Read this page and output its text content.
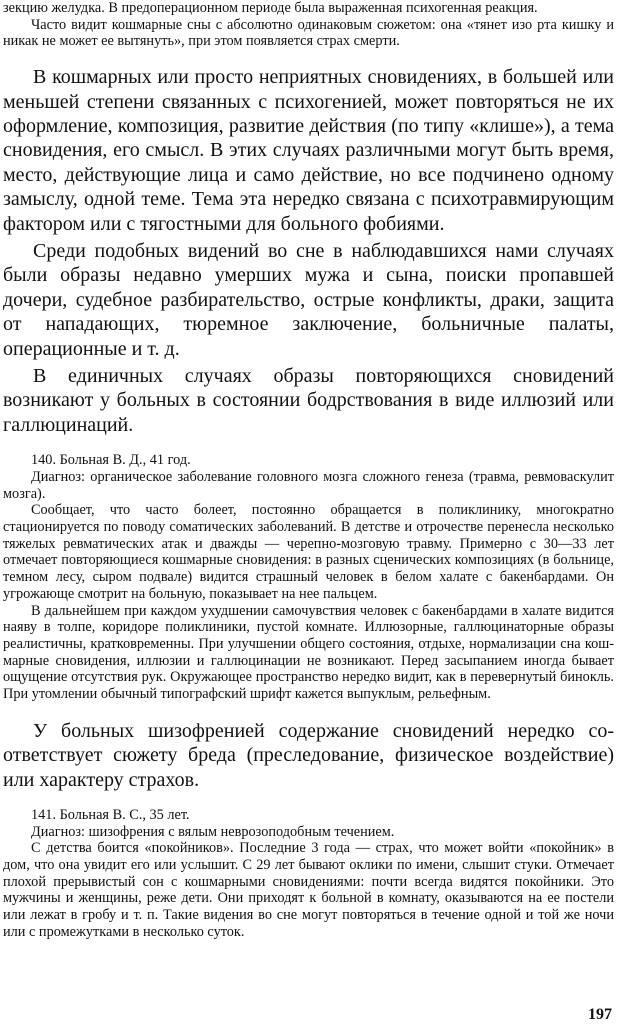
зекцию желудка. В предоперационном периоде была выраженная психогенная реакция.

Часто видит кошмарные сны с абсолютно одинаковым сюжетом: она «тянет изо рта кишку и никак не может ее вытянуть», при этом появляется страх смерти.

В кошмарных или просто неприятных сновидениях, в большей или меньшей степени связанных с психогенией, может повторяться не их оформление, композиция, развитие действия (по типу «клише»), а тема сновидения, его смысл. В этих случаях различными могут быть время, место, действующие лица и само действие, но все подчинено одному замыслу, одной теме. Тема эта нередко связана с психотравмирующим фактором или с тягостными для больного фобиями.

Среди подобных видений во сне в наблюдавшихся нами случаях были образы недавно умерших мужа и сына, поиски пропавшей дочери, судебное разбирательство, острые конфликты, драки, защита от нападающих, тюремное заключение, больничные палаты, операционные и т. д.

В единичных случаях образы повторяющихся сновидений возникают у больных в состоянии бодрствования в виде иллюзий или галлюцинаций.

140. Больная В. Д., 41 год.

Диагноз: органическое заболевание головного мозга сложного генеза (травма, ревмоваскулит мозга).

Сообщает, что часто болеет, постоянно обращается в поликлинику, многократно стационируется по поводу соматических заболеваний. В детстве и отрочестве перенесла несколько тяжелых ревматических атак и дважды — черепно-мозговую травму. Примерно с 30—33 лет отмечает повторяющиеся кошмарные сновидения: в разных сценических композициях (в больнице, темном лесу, сыром подвале) видится страшный человек в белом халате с бакенбардами. Он угрожающе смотрит на больную, показывает на нее пальцем.

В дальнейшем при каждом ухудшении самочувствия человек с бакенбардами в халате видится наяву в толпе, коридоре поликлиники, пустой комнате. Иллюзорные, галлюцинаторные образы реалистичны, кратковременны. При улучшении общего состояния, отдыхе, нормализации сна кошмарные сновидения, иллюзии и галлюцинации не возникают. Перед засыпанием иногда бывает ощущение отсутствия рук. Окружающее пространство нередко видит, как в перевернутый бинокль. При утомлении обычный типографский шрифт кажется выпуклым, рельефным.

У больных шизофренией содержание сновидений нередко соответствует сюжету бреда (преследование, физическое воздействие) или характеру страхов.

141. Больная В. С., 35 лет.

Диагноз: шизофрения с вялым неврозоподобным течением.

С детства боится «покойников». Последние 3 года — страх, что может войти «покойник» в дом, что она увидит его или услышит. С 29 лет бывают оклики по имени, слышит стуки. Отмечает плохой прерывистый сон с кошмарными сновидениями: почти всегда видятся покойники. Это мужчины и женщины, реже дети. Они приходят к больной в комнату, оказываются на ее постели или лежат в гробу и т. п. Такие видения во сне могут повторяться в течение одной и той же ночи или с промежутками в несколько суток.

197
